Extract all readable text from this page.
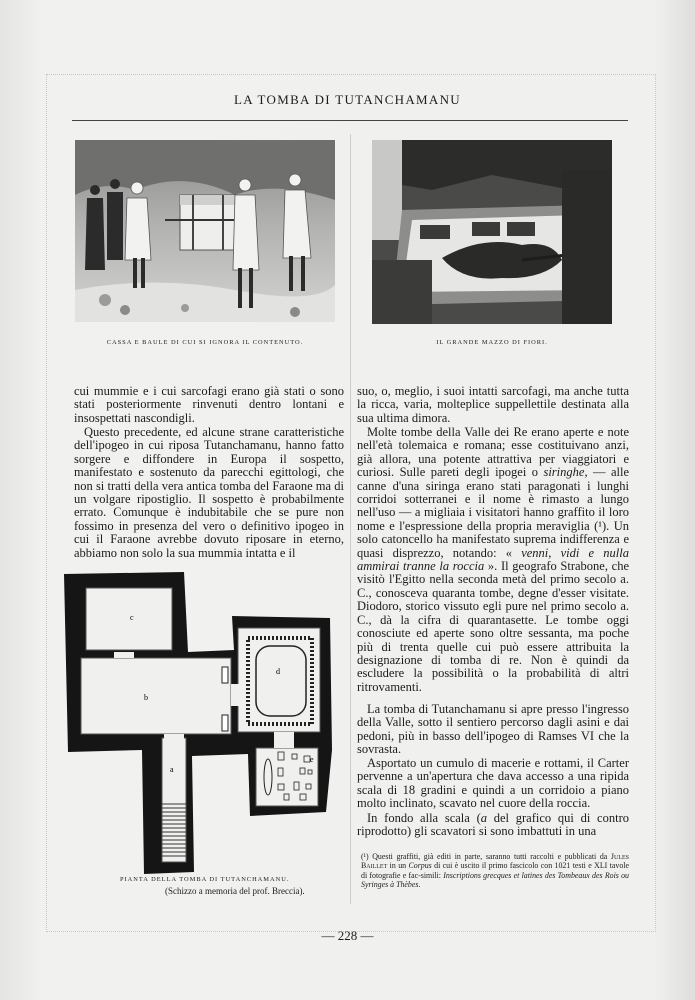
LA TOMBA DI TUTANCHAMANU
CASSA E BAULE DI CUI SI IGNORA IL CONTENUTO.	IL GRANDE MAZZO DI FIORI.

cui mummie e i cui sarcofagi erano già stati o sono stati posteriormente rinvenuti dentro lontani e insospettati nascondigli.

Questo precedente, ed alcune strane caratteristiche dell'ipogeo in cui riposa Tutanchamanu, hanno fatto sorgere e diffondere in Europa il sospetto, manifestato e sostenuto da parecchi egittologi, che non si tratti della vera antica tomba del Faraone ma di un volgare ripostiglio. Il sospetto è probabilmente errato. Comunque è indubitabile che se pure non fossimo in presenza del vero o definitivo ipogeo in cui il Faraone avrebbe dovuto riposare in eterno, abbiamo non solo la sua mummia intatta e il

c
b
d
a
e
PIANTA DELLA TOMBA DI TUTANCHAMANU.
(Schizzo a memoria del prof. Breccia).

suo, o, meglio, i suoi intatti sarcofagi, ma anche tutta la ricca, varia, molteplice suppellettile destinata alla sua ultima dimora.

Molte tombe della Valle dei Re erano aperte e note nell'età tolemaica e romana; esse costituivano anzi, già allora, una potente attrattiva per viaggiatori e curiosi. Sulle pareti degli ipogei o siringhe, — alle canne d'una siringa erano stati paragonati i lunghi corridoi sotterranei e il nome è rimasto a lungo nell'uso — a migliaia i visitatori hanno graffito il loro nome e l'espressione della propria meraviglia (¹). Un solo catoncello ha manifestato suprema indifferenza e quasi disprezzo, notando: « venni, vidi e nulla ammirai tranne la roccia ». Il geografo Strabone, che visitò l'Egitto nella seconda metà del primo secolo a. C., conosceva quaranta tombe, degne d'esser visitate. Diodoro, storico vissuto egli pure nel primo secolo a. C., dà la cifra di quarantasette. Le tombe oggi conosciute ed aperte sono oltre sessanta, ma poche più di trenta quelle cui può essere attribuita la designazione di tomba di re. Non è quindi da escludere la possibilità o la probabilità di altri ritrovamenti.

La tomba di Tutanchamanu si apre presso l'ingresso della Valle, sotto il sentiero percorso dagli asini e dai pedoni, più in basso dell'ipogeo di Ramses VI che la sovrasta.

Asportato un cumulo di macerie e rottami, il Carter pervenne a un'apertura che dava accesso a una ripida scala di 18 gradini e quindi a un corridoio a piano molto inclinato, scavato nel cuore della roccia.

In fondo alla scala (a del grafico qui di contro riprodotto) gli scavatori si sono imbattuti in una

(¹) Questi graffiti, già editi in parte, saranno tutti raccolti e pubblicati da Jules Baillet in un Corpus di cui è uscito il primo fascicolo con 1021 testi e XLI tavole di fotografie e fac-simili: Inscriptions grecques et latines des Tombeaux des Rois ou Syringes à Thèbes.

— 228 —
